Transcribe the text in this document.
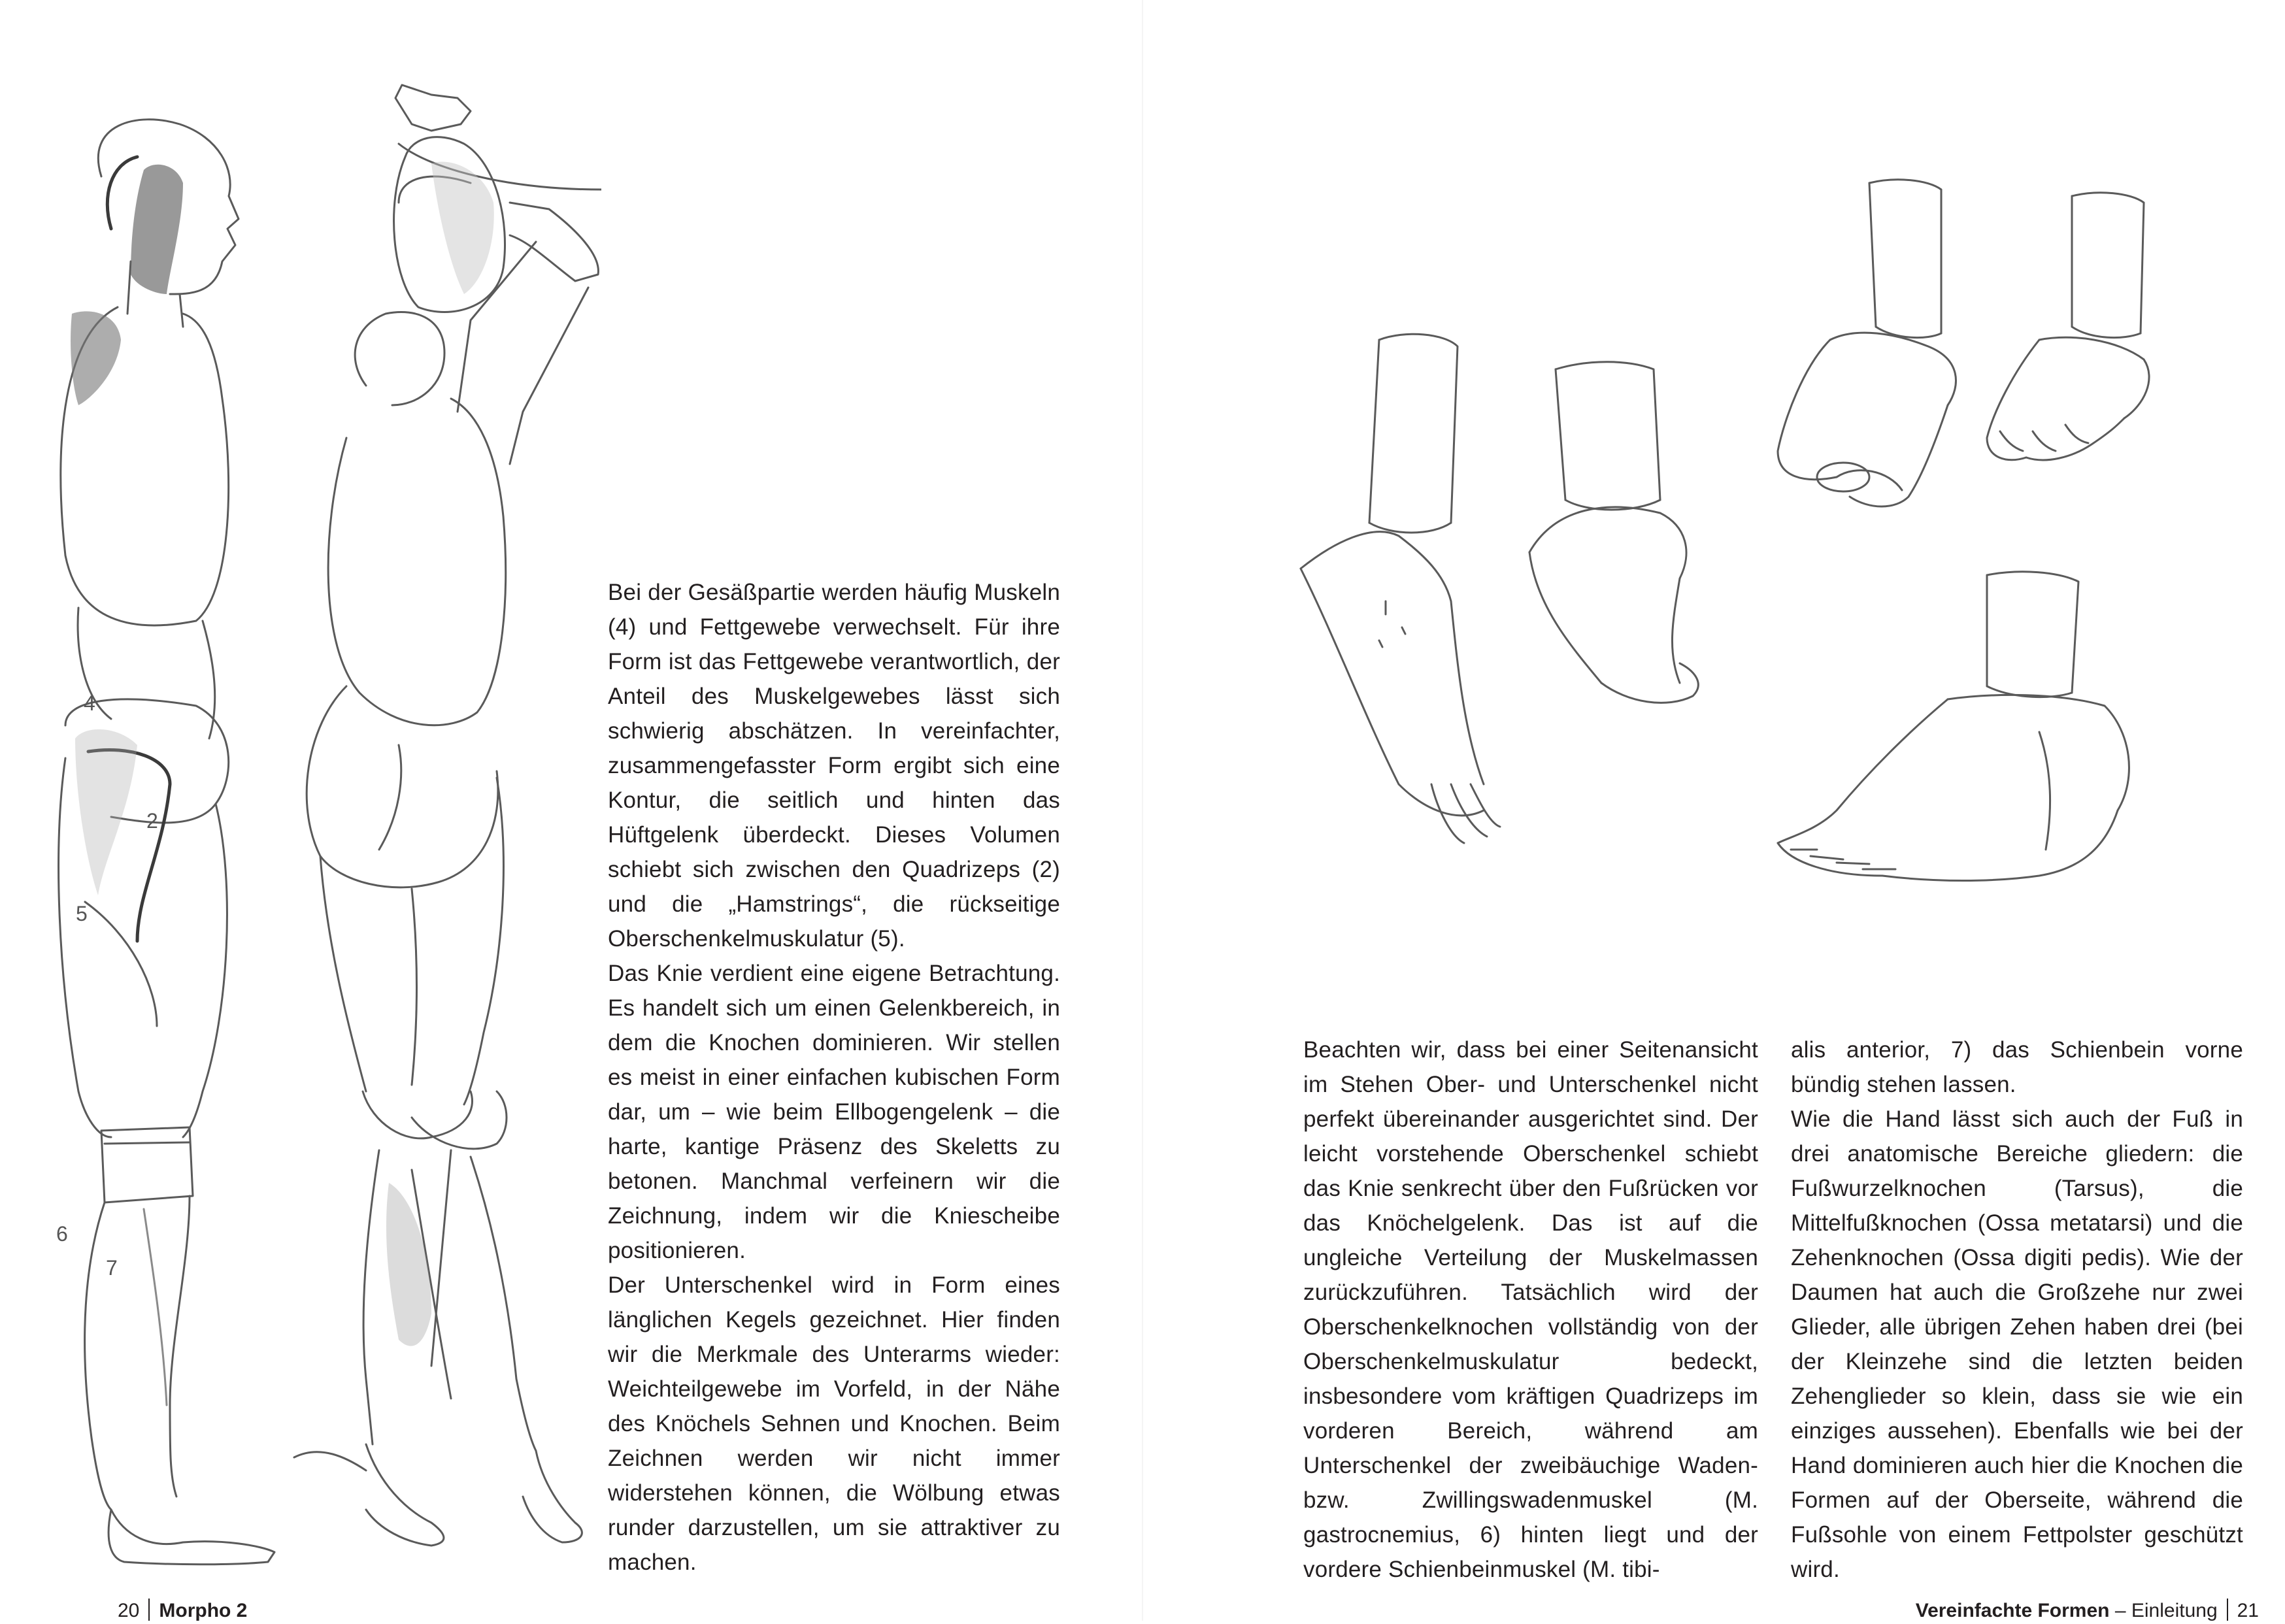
4
2
5
6
7

Bei der Gesäßpartie werden häufig Muskeln (4) und Fettgewebe verwechselt. Für ihre Form ist das Fettgewebe verantwortlich, der Anteil des Muskelgewebes lässt sich schwierig abschätzen. In vereinfachter, zusammengefasster Form ergibt sich eine Kontur, die seitlich und hinten das Hüftgelenk überdeckt. Dieses Volumen schiebt sich zwischen den Quadrizeps (2) und die „Hamstrings“, die rückseitige Oberschenkelmuskulatur (5).

Das Knie verdient eine eigene Betrachtung. Es handelt sich um einen Gelenkbereich, in dem die Knochen dominieren. Wir stellen es meist in einer einfachen kubischen Form dar, um – wie beim Ellbogengelenk – die harte, kantige Präsenz des Skeletts zu betonen. Manchmal verfeinern wir die Zeichnung, indem wir die Kniescheibe positionieren.

Der Unterschenkel wird in Form eines länglichen Kegels gezeichnet. Hier finden wir die Merkmale des Unterarms wieder: Weichteilgewebe im Vorfeld, in der Nähe des Knöchels Sehnen und Knochen. Beim Zeichnen werden wir nicht immer widerstehen können, die Wölbung etwas runder darzustellen, um sie attraktiver zu machen.

20 Morpho 2

Beachten wir, dass bei einer Seitenansicht im Stehen Ober- und Unterschenkel nicht perfekt übereinander ausgerichtet sind. Der leicht vorstehende Oberschenkel schiebt das Knie senkrecht über den Fußrücken vor das Knöchelgelenk. Das ist auf die ungleiche Verteilung der Muskelmassen zurückzuführen. Tatsächlich wird der Oberschenkelknochen vollständig von der Oberschenkelmuskulatur bedeckt, insbesondere vom kräftigen Quadrizeps im vorderen Bereich, während am Unterschenkel der zweibäuchige Waden- bzw. Zwillingswadenmuskel (M. gastrocnemius, 6) hinten liegt und der vordere Schienbeinmuskel (M. tibi-

alis anterior, 7) das Schienbein vorne bündig stehen lassen.

Wie die Hand lässt sich auch der Fuß in drei anatomische Bereiche gliedern: die Fußwurzelknochen (Tarsus), die Mittelfußknochen (Ossa metatarsi) und die Zehenknochen (Ossa digiti pedis). Wie der Daumen hat auch die Großzehe nur zwei Glieder, alle übrigen Zehen haben drei (bei der Kleinzehe sind die letzten beiden Zehenglieder so klein, dass sie wie ein einziges aussehen). Ebenfalls wie bei der Hand dominieren auch hier die Knochen die Formen auf der Oberseite, während die Fußsohle von einem Fettpolster geschützt wird.

Vereinfachte Formen – Einleitung 21
